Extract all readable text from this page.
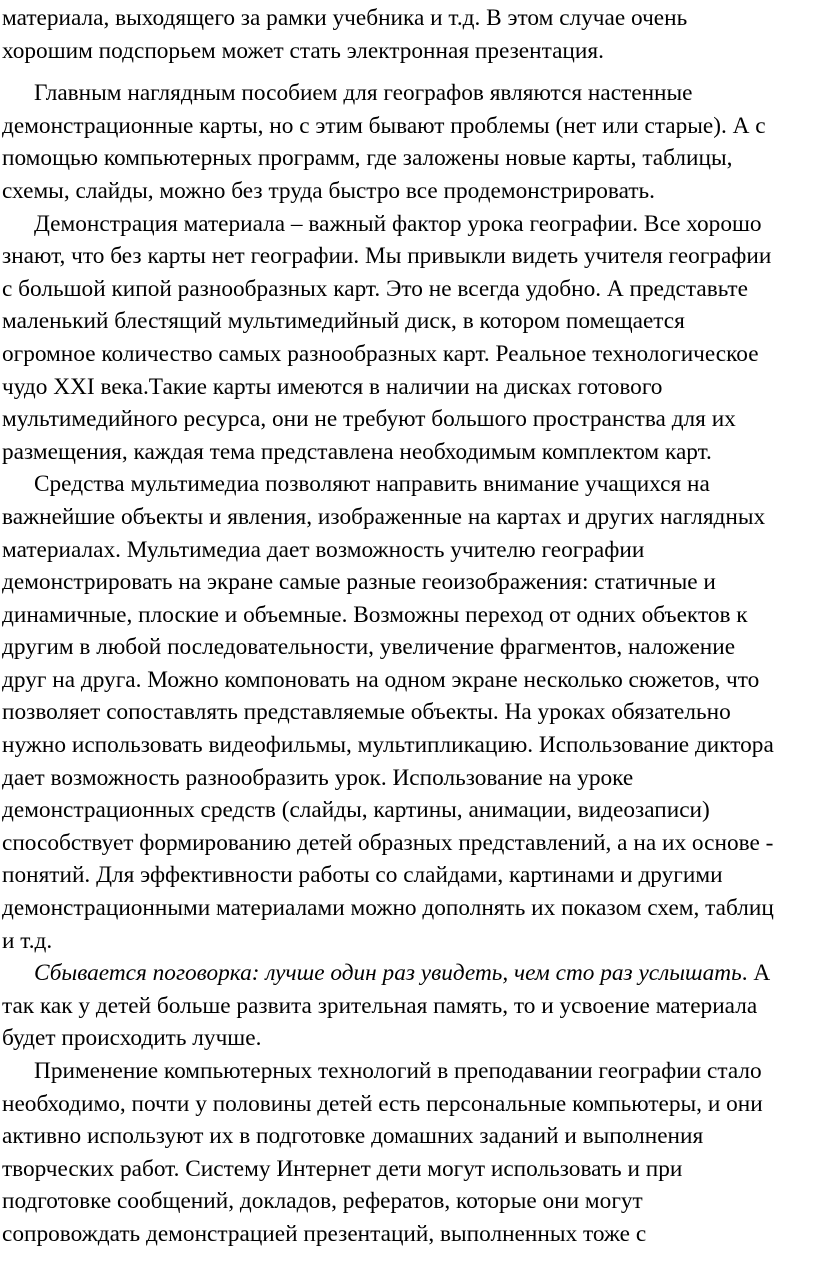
материала, выходящего за рамки учебника и т.д. В этом случае очень
хорошим подспорьем может стать электронная презентация.
Главным наглядным пособием для географов являются настенные
демонстрационные карты, но с этим бывают проблемы (нет или старые). А с
помощью компьютерных программ, где заложены новые карты, таблицы,
схемы, слайды, можно без труда быстро все продемонстрировать.
Демонстрация материала – важный фактор урока географии. Все хорошо
знают, что без карты нет географии. Мы привыкли видеть учителя географии
с большой кипой разнообразных карт. Это не всегда удобно. А представьте
маленький блестящий мультимедийный диск, в котором помещается
огромное количество самых разнообразных карт. Реальное технологическое
чудо XXI века.Такие карты имеются в наличии на дисках готового
мультимедийного ресурса, они не требуют большого пространства для их
размещения, каждая тема представлена необходимым комплектом карт.
Средства мультимедиа позволяют направить внимание учащихся на
важнейшие объекты и явления, изображенные на картах и других наглядных
материалах. Мультимедиа дает возможность учителю географии
демонстрировать на экране самые разные геоизображения: статичные и
динамичные, плоские и объемные. Возможны переход от одних объектов к
другим в любой последовательности, увеличение фрагментов, наложение
друг на друга. Можно компоновать на одном экране несколько сюжетов, что
позволяет сопоставлять представляемые объекты. На уроках обязательно
нужно использовать видеофильмы, мультипликацию. Использование диктора
дает возможность разнообразить урок. Использование на уроке
демонстрационных средств (слайды, картины, анимации, видеозаписи)
способствует формированию детей образных представлений, а на их основе -
понятий. Для эффективности работы со слайдами, картинами и другими
демонстрационными материалами можно дополнять их показом схем, таблиц
и т.д.
Сбывается поговорка: лучше один раз увидеть, чем сто раз услышать. А
так как у детей больше развита зрительная память, то и усвоение материала
будет происходить лучше.
Применение компьютерных технологий в преподавании географии стало
необходимо, почти у половины детей есть персональные компьютеры, и они
активно используют их в подготовке домашних заданий и выполнения
творческих работ. Систему Интернет дети могут использовать и при
подготовке сообщений, докладов, рефератов, которые они могут
сопровождать демонстрацией презентаций, выполненных тоже с
